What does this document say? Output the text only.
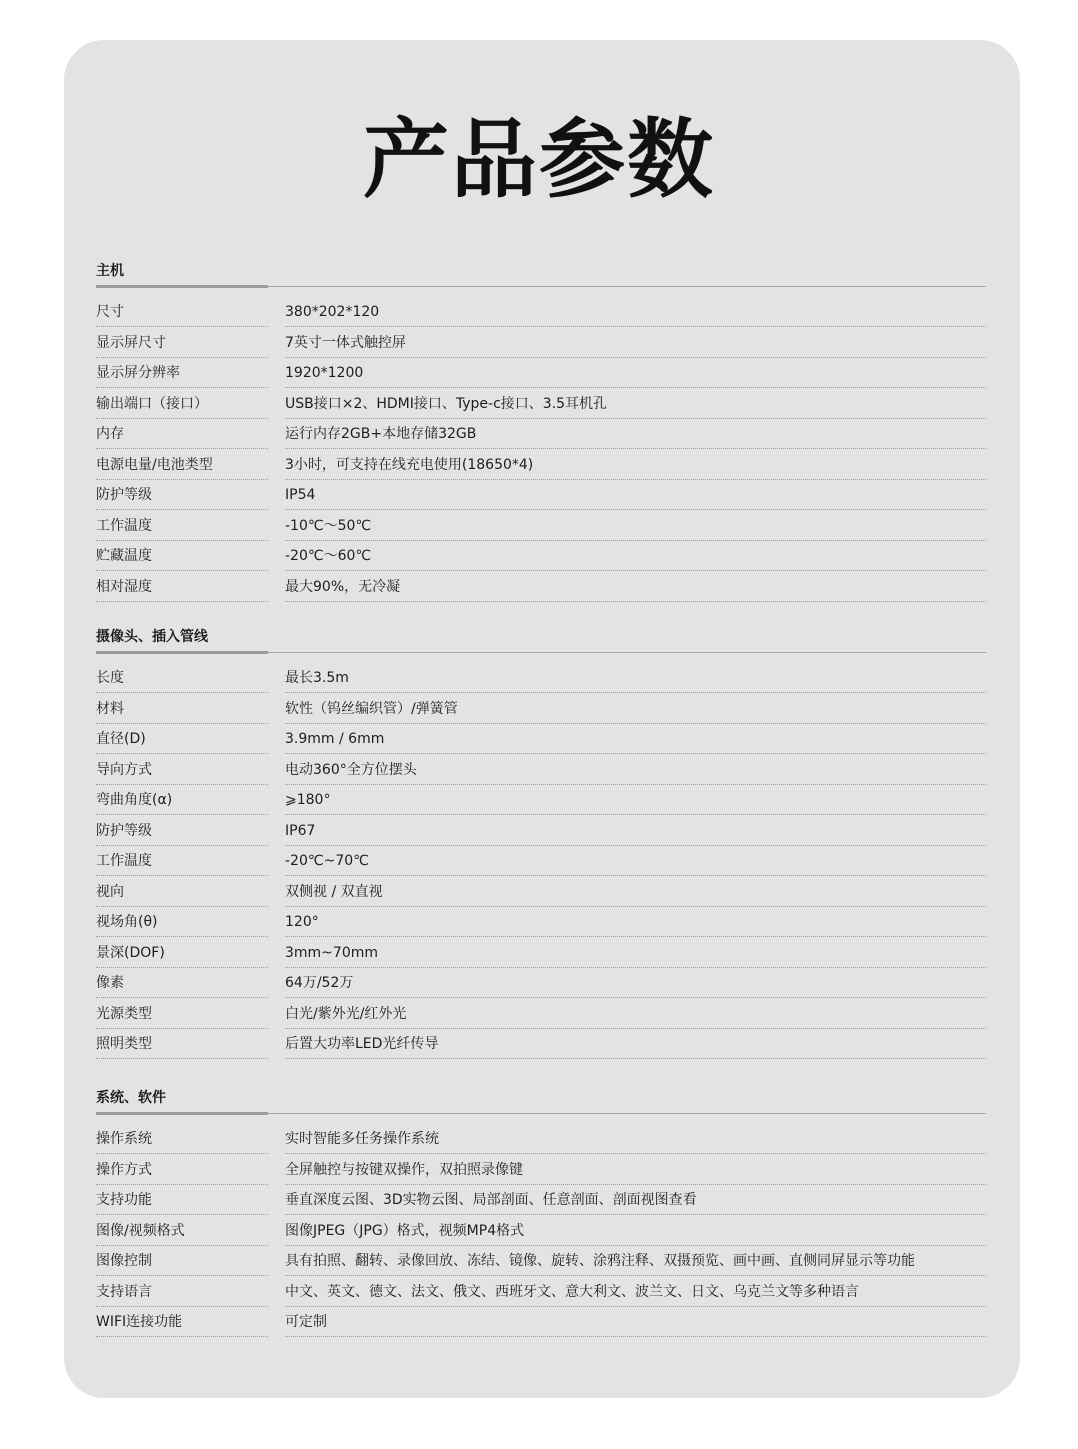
产品参数
主机
尺寸	380*202*120
显示屏尺寸	7英寸一体式触控屏
显示屏分辨率	1920*1200
输出端口（接口）	USB接口×2、HDMI接口、Type-c接口、3.5耳机孔
内存	运行内存2GB+本地存储32GB
电源电量/电池类型	3小时，可支持在线充电使用(18650*4)
防护等级	IP54
工作温度	-10℃～50℃
贮藏温度	-20℃～60℃
相对湿度	最大90%，无冷凝
摄像头、插入管线
长度	最长3.5m
材料	软性（钨丝编织管）/弹簧管
直径(D)	3.9mm / 6mm
导向方式	电动360°全方位摆头
弯曲角度(α)	⩾180°
防护等级	IP67
工作温度	-20℃~70℃
视向	双侧视 / 双直视
视场角(θ)	120°
景深(DOF)	3mm~70mm
像素	64万/52万
光源类型	白光/紫外光/红外光
照明类型	后置大功率LED光纤传导
系统、软件
操作系统	实时智能多任务操作系统
操作方式	全屏触控与按键双操作，双拍照录像键
支持功能	垂直深度云图、3D实物云图、局部剖面、任意剖面、剖面视图查看
图像/视频格式	图像JPEG（JPG）格式，视频MP4格式
图像控制	具有拍照、翻转、录像回放、冻结、镜像、旋转、涂鸦注释、双摄预览、画中画、直侧同屏显示等功能
支持语言	中文、英文、德文、法文、俄文、西班牙文、意大利文、波兰文、日文、乌克兰文等多种语言
WIFI连接功能	可定制
